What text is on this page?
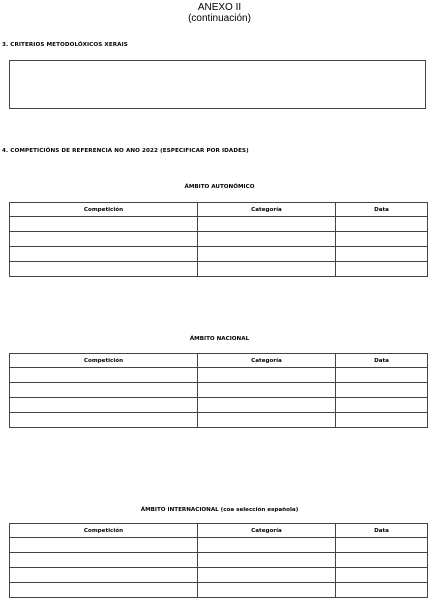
ANEXO II
(continuación)
3. CRITERIOS METODOLÓXICOS XERAIS
4. COMPETICIÓNS DE REFERENCIA NO ANO 2022 (ESPECIFICAR POR IDADES)
ÁMBITO AUTONÓMICO
Competición	Categoría	Data

ÁMBITO NACIONAL
Competición	Categoría	Data

ÁMBITO INTERNACIONAL (coa selección española)
Competición	Categoría	Data
